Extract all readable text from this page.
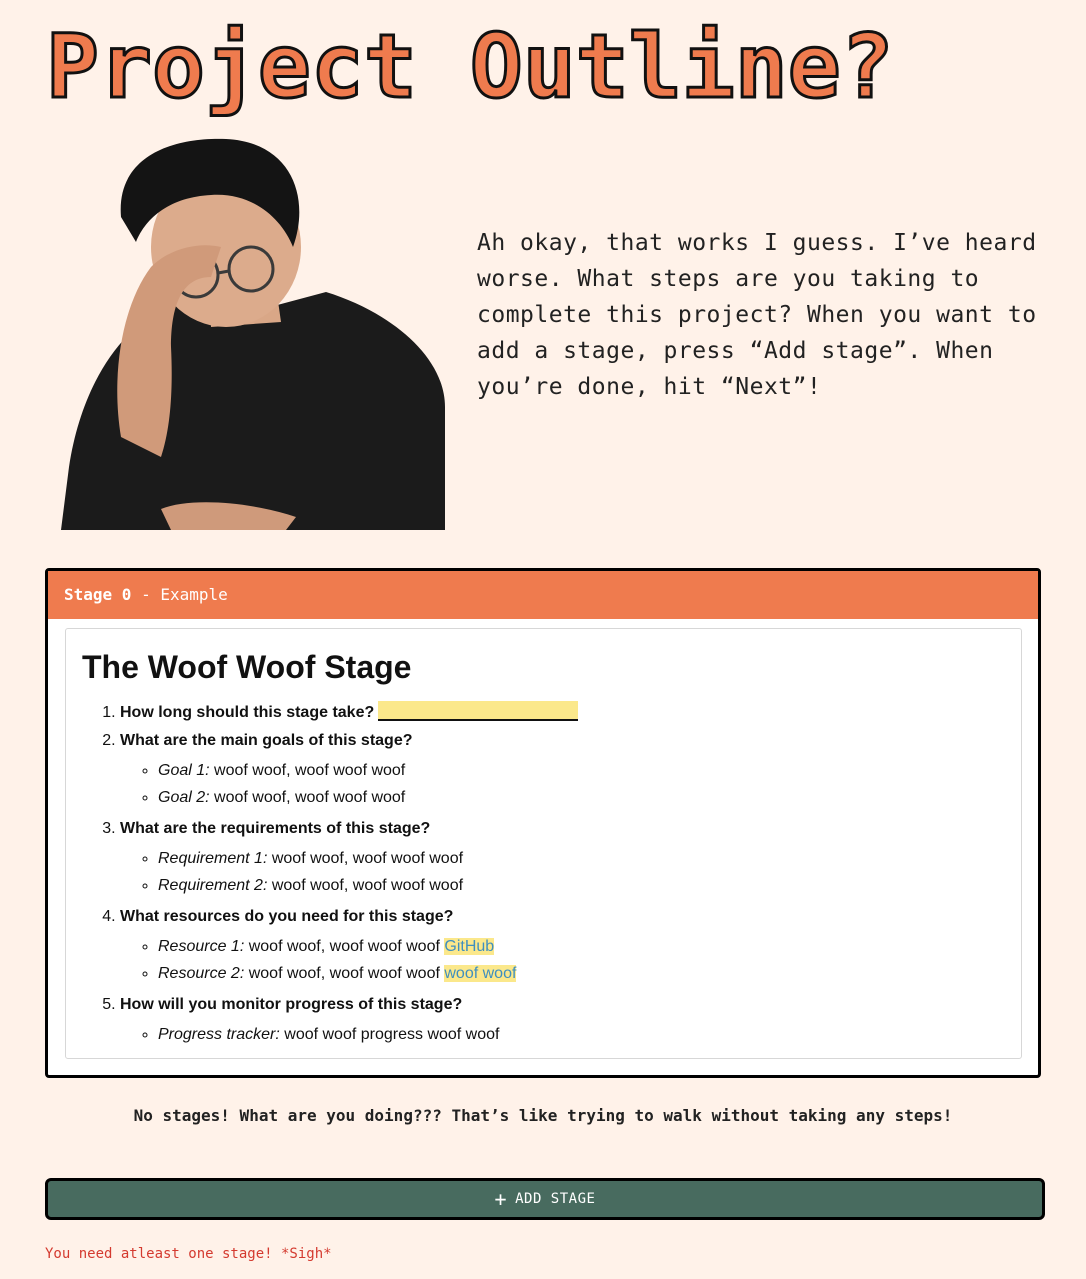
Project Outline?
Ah okay, that works I guess. I’ve heard worse. What steps are you taking to complete this project? When you want to add a stage, press “Add stage”. When you’re done, hit “Next”!
Stage 0 - Example
The Woof Woof Stage
1. How long should this stage take?
2. What are the main goals of this stage?
◦ Goal 1: woof woof, woof woof woof
◦ Goal 2: woof woof, woof woof woof
3. What are the requirements of this stage?
◦ Requirement 1: woof woof, woof woof woof
◦ Requirement 2: woof woof, woof woof woof
4. What resources do you need for this stage?
◦ Resource 1: woof woof, woof woof woof GitHub
◦ Resource 2: woof woof, woof woof woof woof woof
5. How will you monitor progress of this stage?
◦ Progress tracker: woof woof progress woof woof
No stages! What are you doing??? That’s like trying to walk without taking any steps!
+ ADD STAGE
You need atleast one stage! *Sigh*
